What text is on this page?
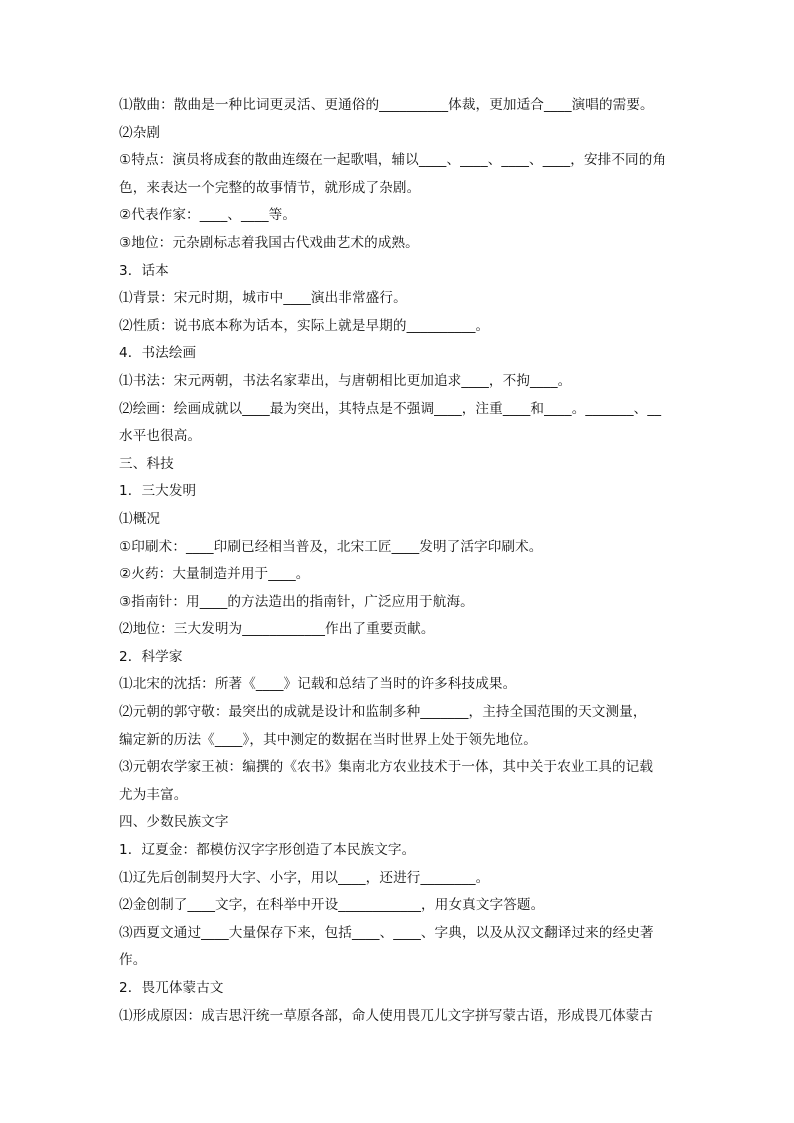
⑴散曲：散曲是一种比词更灵活、更通俗的__________体裁，更加适合____演唱的需要。
⑵杂剧
①特点：演员将成套的散曲连缀在一起歌唱，辅以____、____、____、____，安排不同的角
色，来表达一个完整的故事情节，就形成了杂剧。
②代表作家：____、____等。
③地位：元杂剧标志着我国古代戏曲艺术的成熟。
3．话本
⑴背景：宋元时期，城市中____演出非常盛行。
⑵性质：说书底本称为话本，实际上就是早期的__________。
4．书法绘画
⑴书法：宋元两朝，书法名家辈出，与唐朝相比更加追求____，不拘____。
⑵绘画：绘画成就以____最为突出，其特点是不强调____，注重____和____。_______、__
水平也很高。
三、科技
1．三大发明
⑴概况
①印刷术：____印刷已经相当普及，北宋工匠____发明了活字印刷术。
②火药：大量制造并用于____。
③指南针：用____的方法造出的指南针，广泛应用于航海。
⑵地位：三大发明为____________作出了重要贡献。
2．科学家
⑴北宋的沈括：所著《____》记载和总结了当时的许多科技成果。
⑵元朝的郭守敬：最突出的成就是设计和监制多种_______，主持全国范围的天文测量，
编定新的历法《____》，其中测定的数据在当时世界上处于领先地位。
⑶元朝农学家王祯：编撰的《农书》集南北方农业技术于一体，其中关于农业工具的记载
尤为丰富。
四、少数民族文字
1．辽夏金：都模仿汉字字形创造了本民族文字。
⑴辽先后创制契丹大字、小字，用以____，还进行________。
⑵金创制了____文字，在科举中开设____________，用女真文字答题。
⑶西夏文通过____大量保存下来，包括____、____、字典，以及从汉文翻译过来的经史著
作。
2．畏兀体蒙古文
⑴形成原因：成吉思汗统一草原各部，命人使用畏兀儿文字拼写蒙古语，形成畏兀体蒙古
